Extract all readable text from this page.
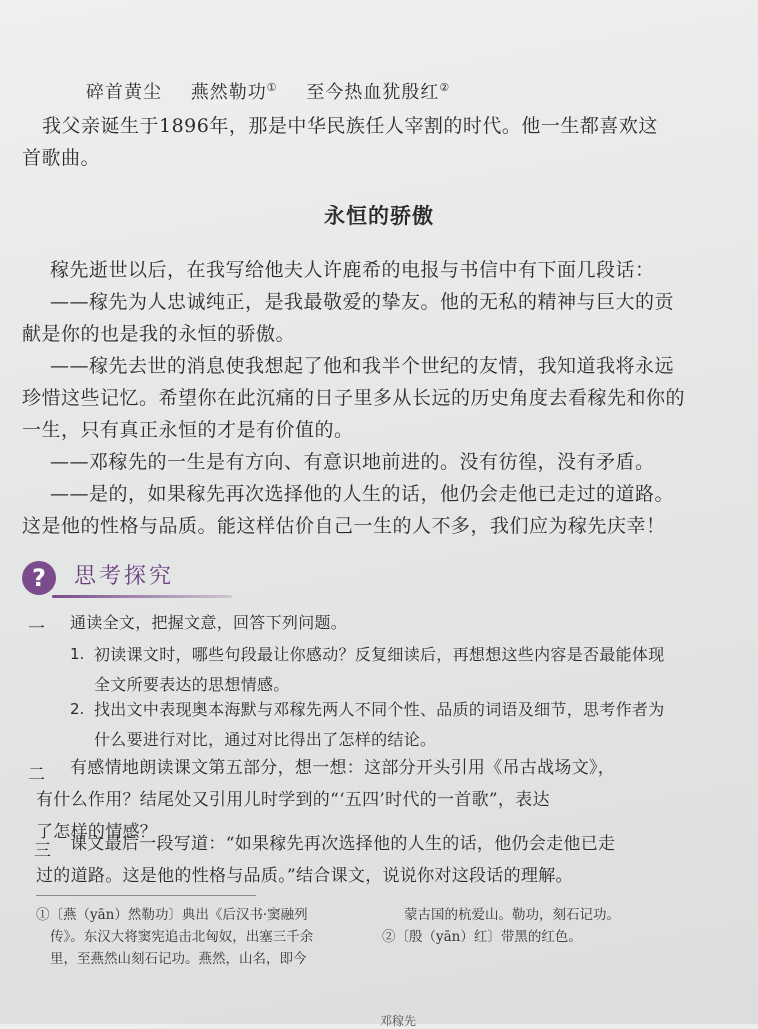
碎首黄尘 燕然勒功① 至今热血犹殷红②
我父亲诞生于1896年，那是中华民族任人宰割的时代。他一生都喜欢这
首歌曲。
永恒的骄傲
稼先逝世以后，在我写给他夫人许鹿希的电报与书信中有下面几段话：
——稼先为人忠诚纯正，是我最敬爱的挚友。他的无私的精神与巨大的贡
献是你的也是我的永恒的骄傲。
——稼先去世的消息使我想起了他和我半个世纪的友情，我知道我将永远
珍惜这些记忆。希望你在此沉痛的日子里多从长远的历史角度去看稼先和你的
一生，只有真正永恒的才是有价值的。
——邓稼先的一生是有方向、有意识地前进的。没有彷徨，没有矛盾。
——是的，如果稼先再次选择他的人生的话，他仍会走他已走过的道路。
这是他的性格与品质。能这样估价自己一生的人不多，我们应为稼先庆幸！
?	思考探究
一 通读全文，把握文意，回答下列问题。
1. 初读课文时，哪些句段最让你感动？反复细读后，再想想这些内容是否最能体现
全文所要表达的思想情感。
2. 找出文中表现奥本海默与邓稼先两人不同个性、品质的词语及细节，思考作者为
什么要进行对比，通过对比得出了怎样的结论。
二 有感情地朗读课文第五部分，想一想：这部分开头引用《吊古战场文》，
有什么作用？结尾处又引用儿时学到的“‘五四’时代的一首歌”，表达
了怎样的情感？
三 课文最后一段写道：“如果稼先再次选择他的人生的话，他仍会走他已走
过的道路。这是他的性格与品质。”结合课文，说说你对这段话的理解。
①〔燕（yān）然勒功〕典出《后汉书·窦融列
传》。东汉大将窦宪追击北匈奴，出塞三千余
里，至燕然山刻石记功。燕然，山名，即今
蒙古国的杭爱山。勒功，刻石记功。
②〔殷（yān）红〕带黑的红色。
邓稼先
